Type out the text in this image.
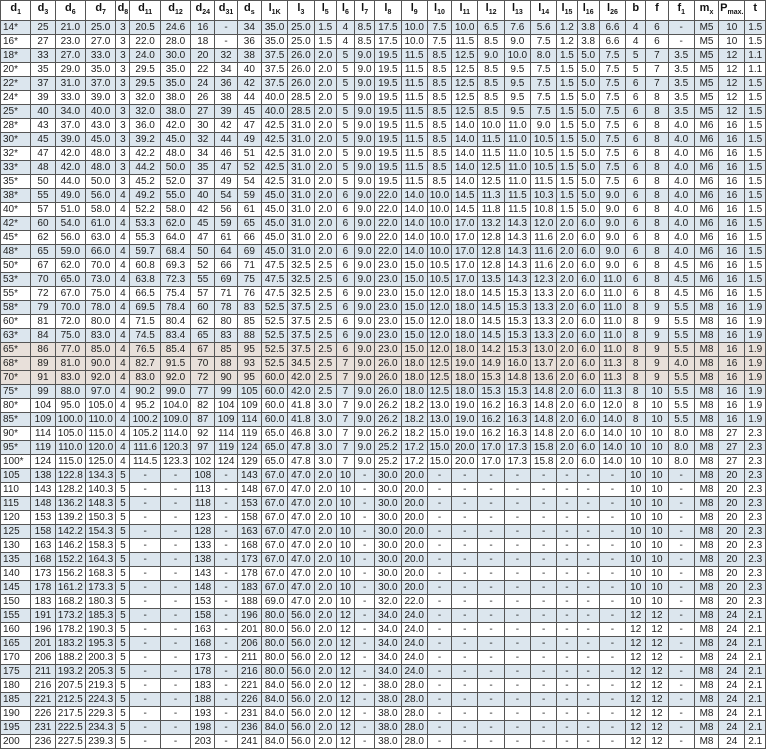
$d_1$	$d_3$	$d_6$	$d_7$	$d_8$	$d_{11}$	$d_{12}$	$d_{24}$	$d_{31}$	$d_s$	$l_{1K}$	$l_3$	$l_5$	$l_6$	$l_7$	$l_8$	$l_9$	$l_{10}$	$l_{11}$	$l_{12}$	$l_{13}$	$l_{14}$	$l_{15}$	$l_{16}$	$l_{26}$	b	f	$f_1$	$m_x$	$P_{max.}$	t
14*	25	21.0	25.0	3	20.5	24.6	16	-	34	35.0	25.0	1.5	4	8.5	17.5	10.0	7.5	10.0	6.5	7.6	5.6	1.2	3.8	6.6	4	6	-	M5	10	1.5
16*	27	23.0	27.0	3	22.0	28.0	18	-	36	35.0	25.0	1.5	4	8.5	17.5	10.0	7.5	11.5	8.5	9.0	7.5	1.2	3.8	6.6	4	6	-	M5	10	1.5
18*	33	27.0	33.0	3	24.0	30.0	20	32	38	37.5	26.0	2.0	5	9.0	19.5	11.5	8.5	12.5	9.0	10.0	8.0	1.5	5.0	7.5	5	7	3.5	M5	12	1.1
20*	35	29.0	35.0	3	29.5	35.0	22	34	40	37.5	26.0	2.0	5	9.0	19.5	11.5	8.5	12.5	8.5	9.5	7.5	1.5	5.0	7.5	5	7	3.5	M5	12	1.1
22*	37	31.0	37.0	3	29.5	35.0	24	36	42	37.5	26.0	2.0	5	9.0	19.5	11.5	8.5	12.5	8.5	9.5	7.5	1.5	5.0	7.5	6	7	3.5	M5	12	1.5
24*	39	33.0	39.0	3	32.0	38.0	26	38	44	40.0	28.5	2.0	5	9.0	19.5	11.5	8.5	12.5	8.5	9.5	7.5	1.5	5.0	7.5	6	8	3.5	M5	12	1.5
25*	40	34.0	40.0	3	32.0	38.0	27	39	45	40.0	28.5	2.0	5	9.0	19.5	11.5	8.5	12.5	8.5	9.5	7.5	1.5	5.0	7.5	6	8	3.5	M5	12	1.5
28*	43	37.0	43.0	3	36.0	42.0	30	42	47	42.5	31.0	2.0	5	9.0	19.5	11.5	8.5	14.0	10.0	11.0	9.0	1.5	5.0	7.5	6	8	4.0	M6	16	1.5
30*	45	39.0	45.0	3	39.2	45.0	32	44	49	42.5	31.0	2.0	5	9.0	19.5	11.5	8.5	14.0	11.5	11.0	10.5	1.5	5.0	7.5	6	8	4.0	M6	16	1.5
32*	47	42.0	48.0	3	42.2	48.0	34	46	51	42.5	31.0	2.0	5	9.0	19.5	11.5	8.5	14.0	11.5	11.0	10.5	1.5	5.0	7.5	6	8	4.0	M6	16	1.5
33*	48	42.0	48.0	3	44.2	50.0	35	47	52	42.5	31.0	2.0	5	9.0	19.5	11.5	8.5	14.0	12.5	11.0	10.5	1.5	5.0	7.5	6	8	4.0	M6	16	1.5
35*	50	44.0	50.0	3	45.2	52.0	37	49	54	42.5	31.0	2.0	5	9.0	19.5	11.5	8.5	14.0	12.5	11.0	11.5	1.5	5.0	7.5	6	8	4.0	M6	16	1.5
38*	55	49.0	56.0	4	49.2	55.0	40	54	59	45.0	31.0	2.0	6	9.0	22.0	14.0	10.0	14.5	11.3	11.5	10.3	1.5	5.0	9.0	6	8	4.0	M6	16	1.5
40*	57	51.0	58.0	4	52.2	58.0	42	56	61	45.0	31.0	2.0	6	9.0	22.0	14.0	10.0	14.5	11.8	11.5	10.8	1.5	5.0	9.0	6	8	4.0	M6	16	1.5
42*	60	54.0	61.0	4	53.3	62.0	45	59	65	45.0	31.0	2.0	6	9.0	22.0	14.0	10.0	17.0	13.2	14.3	12.0	2.0	6.0	9.0	6	8	4.0	M6	16	1.5
45*	62	56.0	63.0	4	55.3	64.0	47	61	66	45.0	31.0	2.0	6	9.0	22.0	14.0	10.0	17.0	12.8	14.3	11.6	2.0	6.0	9.0	6	8	4.0	M6	16	1.5
48*	65	59.0	66.0	4	59.7	68.4	50	64	69	45.0	31.0	2.0	6	9.0	22.0	14.0	10.0	17.0	12.8	14.3	11.6	2.0	6.0	9.0	6	8	4.0	M6	16	1.5
50*	67	62.0	70.0	4	60.8	69.3	52	66	71	47.5	32.5	2.5	6	9.0	23.0	15.0	10.5	17.0	12.8	14.3	11.6	2.0	6.0	9.0	6	8	4.5	M6	16	1.5
53*	70	65.0	73.0	4	63.8	72.3	55	69	75	47.5	32.5	2.5	6	9.0	23.0	15.0	10.5	17.0	13.5	14.3	12.3	2.0	6.0	11.0	6	8	4.5	M6	16	1.5
55*	72	67.0	75.0	4	66.5	75.4	57	71	76	47.5	32.5	2.5	6	9.0	23.0	15.0	12.0	18.0	14.5	15.3	13.3	2.0	6.0	11.0	6	8	4.5	M6	16	1.5
58*	79	70.0	78.0	4	69.5	78.4	60	78	83	52.5	37.5	2.5	6	9.0	23.0	15.0	12.0	18.0	14.5	15.3	13.3	2.0	6.0	11.0	8	9	5.5	M8	16	1.9
60*	81	72.0	80.0	4	71.5	80.4	62	80	85	52.5	37.5	2.5	6	9.0	23.0	15.0	12.0	18.0	14.5	15.3	13.3	2.0	6.0	11.0	8	9	5.5	M8	16	1.9
63*	84	75.0	83.0	4	74.5	83.4	65	83	88	52.5	37.5	2.5	6	9.0	23.0	15.0	12.0	18.0	14.5	15.3	13.3	2.0	6.0	11.0	8	9	5.5	M8	16	1.9
65*	86	77.0	85.0	4	76.5	85.4	67	85	95	52.5	37.5	2.5	6	9.0	23.0	15.0	12.0	18.0	14.2	15.3	13.0	2.0	6.0	11.0	8	9	5.5	M8	16	1.9
68*	89	81.0	90.0	4	82.7	91.5	70	88	93	52.5	34.5	2.5	7	9.0	26.0	18.0	12.5	19.0	14.9	16.0	13.7	2.0	6.0	11.3	8	9	4.0	M8	16	1.9
70*	91	83.0	92.0	4	83.0	92.0	72	90	95	60.0	42.0	2.5	7	9.0	26.0	18.0	12.5	18.0	15.3	14.8	13.6	2.0	6.0	11.3	8	9	5.5	M8	16	1.9
75*	99	88.0	97.0	4	90.2	99.0	77	99	105	60.0	42.0	2.5	7	9.0	26.0	18.0	12.5	18.0	15.3	15.3	14.8	2.0	6.0	11.3	8	10	5.5	M8	16	1.9
80*	104	95.0	105.0	4	95.2	104.0	82	104	109	60.0	41.8	3.0	7	9.0	26.2	18.2	13.0	19.0	16.2	16.3	14.8	2.0	6.0	12.0	8	10	5.5	M8	16	1.9
85*	109	100.0	110.0	4	100.2	109.0	87	109	114	60.0	41.8	3.0	7	9.0	26.2	18.2	13.0	19.0	16.2	16.3	14.8	2.0	6.0	14.0	8	10	5.5	M8	16	1.9
90*	114	105.0	115.0	4	105.2	114.0	92	114	119	65.0	46.8	3.0	7	9.0	26.2	18.2	15.0	19.0	16.2	16.3	14.8	2.0	6.0	14.0	10	10	8.0	M8	27	2.3
95*	119	110.0	120.0	4	111.6	120.3	97	119	124	65.0	47.8	3.0	7	9.0	25.2	17.2	15.0	20.0	17.0	17.3	15.8	2.0	6.0	14.0	10	10	8.0	M8	27	2.3
100*	124	115.0	125.0	4	114.5	123.3	102	124	129	65.0	47.8	3.0	7	9.0	25.2	17.2	15.0	20.0	17.0	17.3	15.8	2.0	6.0	14.0	10	10	8.0	M8	27	2.3
105	138	122.8	134.3	5	-	-	108	-	143	67.0	47.0	2.0	10	-	30.0	20.0	-	-	-	-	-	-	-	-	10	10	-	M8	20	2.3
110	143	128.2	140.3	5	-	-	113	-	148	67.0	47.0	2.0	10	-	30.0	20.0	-	-	-	-	-	-	-	-	10	10	-	M8	20	2.3
115	148	136.2	148.3	5	-	-	118	-	153	67.0	47.0	2.0	10	-	30.0	20.0	-	-	-	-	-	-	-	-	10	10	-	M8	20	2.3
120	153	139.2	150.3	5	-	-	123	-	158	67.0	47.0	2.0	10	-	30.0	20.0	-	-	-	-	-	-	-	-	10	10	-	M8	20	2.3
125	158	142.2	154.3	5	-	-	128	-	163	67.0	47.0	2.0	10	-	30.0	20.0	-	-	-	-	-	-	-	-	10	10	-	M8	20	2.3
130	163	146.2	158.3	5	-	-	133	-	168	67.0	47.0	2.0	10	-	30.0	20.0	-	-	-	-	-	-	-	-	10	10	-	M8	20	2.3
135	168	152.2	164.3	5	-	-	138	-	173	67.0	47.0	2.0	10	-	30.0	20.0	-	-	-	-	-	-	-	-	10	10	-	M8	20	2.3
140	173	156.2	168.3	5	-	-	143	-	178	67.0	47.0	2.0	10	-	30.0	20.0	-	-	-	-	-	-	-	-	10	10	-	M8	20	2.3
145	178	161.2	173.3	5	-	-	148	-	183	67.0	47.0	2.0	10	-	30.0	20.0	-	-	-	-	-	-	-	-	10	10	-	M8	20	2.3
150	183	168.2	180.3	5	-	-	153	-	188	69.0	47.0	2.0	10	-	32.0	22.0	-	-	-	-	-	-	-	-	10	10	-	M8	20	2.3
155	191	173.2	185.3	5	-	-	158	-	196	80.0	56.0	2.0	12	-	34.0	24.0	-	-	-	-	-	-	-	-	12	12	-	M8	24	2.1
160	196	178.2	190.3	5	-	-	163	-	201	80.0	56.0	2.0	12	-	34.0	24.0	-	-	-	-	-	-	-	-	12	12	-	M8	24	2.1
165	201	183.2	195.3	5	-	-	168	-	206	80.0	56.0	2.0	12	-	34.0	24.0	-	-	-	-	-	-	-	-	12	12	-	M8	24	2.1
170	206	188.2	200.3	5	-	-	173	-	211	80.0	56.0	2.0	12	-	34.0	24.0	-	-	-	-	-	-	-	-	12	12	-	M8	24	2.1
175	211	193.2	205.3	5	-	-	178	-	216	80.0	56.0	2.0	12	-	34.0	24.0	-	-	-	-	-	-	-	-	12	12	-	M8	24	2.1
180	216	207.5	219.3	5	-	-	183	-	221	84.0	56.0	2.0	12	-	38.0	28.0	-	-	-	-	-	-	-	-	12	12	-	M8	24	2.1
185	221	212.5	224.3	5	-	-	188	-	226	84.0	56.0	2.0	12	-	38.0	28.0	-	-	-	-	-	-	-	-	12	12	-	M8	24	2.1
190	226	217.5	229.3	5	-	-	193	-	231	84.0	56.0	2.0	12	-	38.0	28.0	-	-	-	-	-	-	-	-	12	12	-	M8	24	2.1
195	231	222.5	234.3	5	-	-	198	-	236	84.0	56.0	2.0	12	-	38.0	28.0	-	-	-	-	-	-	-	-	12	12	-	M8	24	2.1
200	236	227.5	239.3	5	-	-	203	-	241	84.0	56.0	2.0	12	-	38.0	28.0	-	-	-	-	-	-	-	-	12	12	-	M8	24	2.1
